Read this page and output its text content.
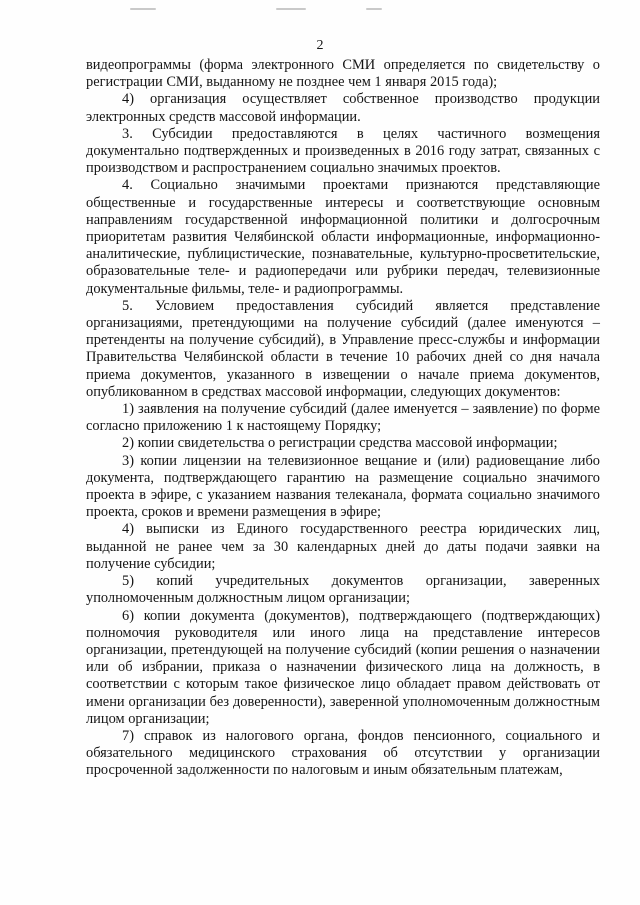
2

видеопрограммы (форма электронного СМИ определяется по свидетельству о регистрации СМИ, выданному не позднее чем 1 января 2015 года);

4) организация осуществляет собственное производство продукции электронных средств массовой информации.

3. Субсидии предоставляются в целях частичного возмещения документально подтвержденных и произведенных в 2016 году затрат, связанных с производством и распространением социально значимых проектов.

4. Социально значимыми проектами признаются представляющие общественные и государственные интересы и соответствующие основным направлениям государственной информационной политики и долгосрочным приоритетам развития Челябинской области информационные, информационно-аналитические, публицистические, познавательные, культурно-просветительские, образовательные теле- и радиопередачи или рубрики передач, телевизионные документальные фильмы, теле- и радиопрограммы.

5. Условием предоставления субсидий является представление организациями, претендующими на получение субсидий (далее именуются – претенденты на получение субсидий), в Управление пресс-службы и информации Правительства Челябинской области в течение 10 рабочих дней со дня начала приема документов, указанного в извещении о начале приема документов, опубликованном в средствах массовой информации, следующих документов:

1) заявления на получение субсидий (далее именуется – заявление) по форме согласно приложению 1 к настоящему Порядку;

2) копии свидетельства о регистрации средства массовой информации;

3) копии лицензии на телевизионное вещание и (или) радиовещание либо документа, подтверждающего гарантию на размещение социально значимого проекта в эфире, с указанием названия телеканала, формата социально значимого проекта, сроков и времени размещения в эфире;

4) выписки из Единого государственного реестра юридических лиц, выданной не ранее чем за 30 календарных дней до даты подачи заявки на получение субсидии;

5) копий учредительных документов организации, заверенных уполномоченным должностным лицом организации;

6) копии документа (документов), подтверждающего (подтверждающих) полномочия руководителя или иного лица на представление интересов организации, претендующей на получение субсидий (копии решения о назначении или об избрании, приказа о назначении физического лица на должность, в соответствии с которым такое физическое лицо обладает правом действовать от имени организации без доверенности), заверенной уполномоченным должностным лицом организации;

7) справок из налогового органа, фондов пенсионного, социального и обязательного медицинского страхования об отсутствии у организации просроченной задолженности по налоговым и иным обязательным платежам,
